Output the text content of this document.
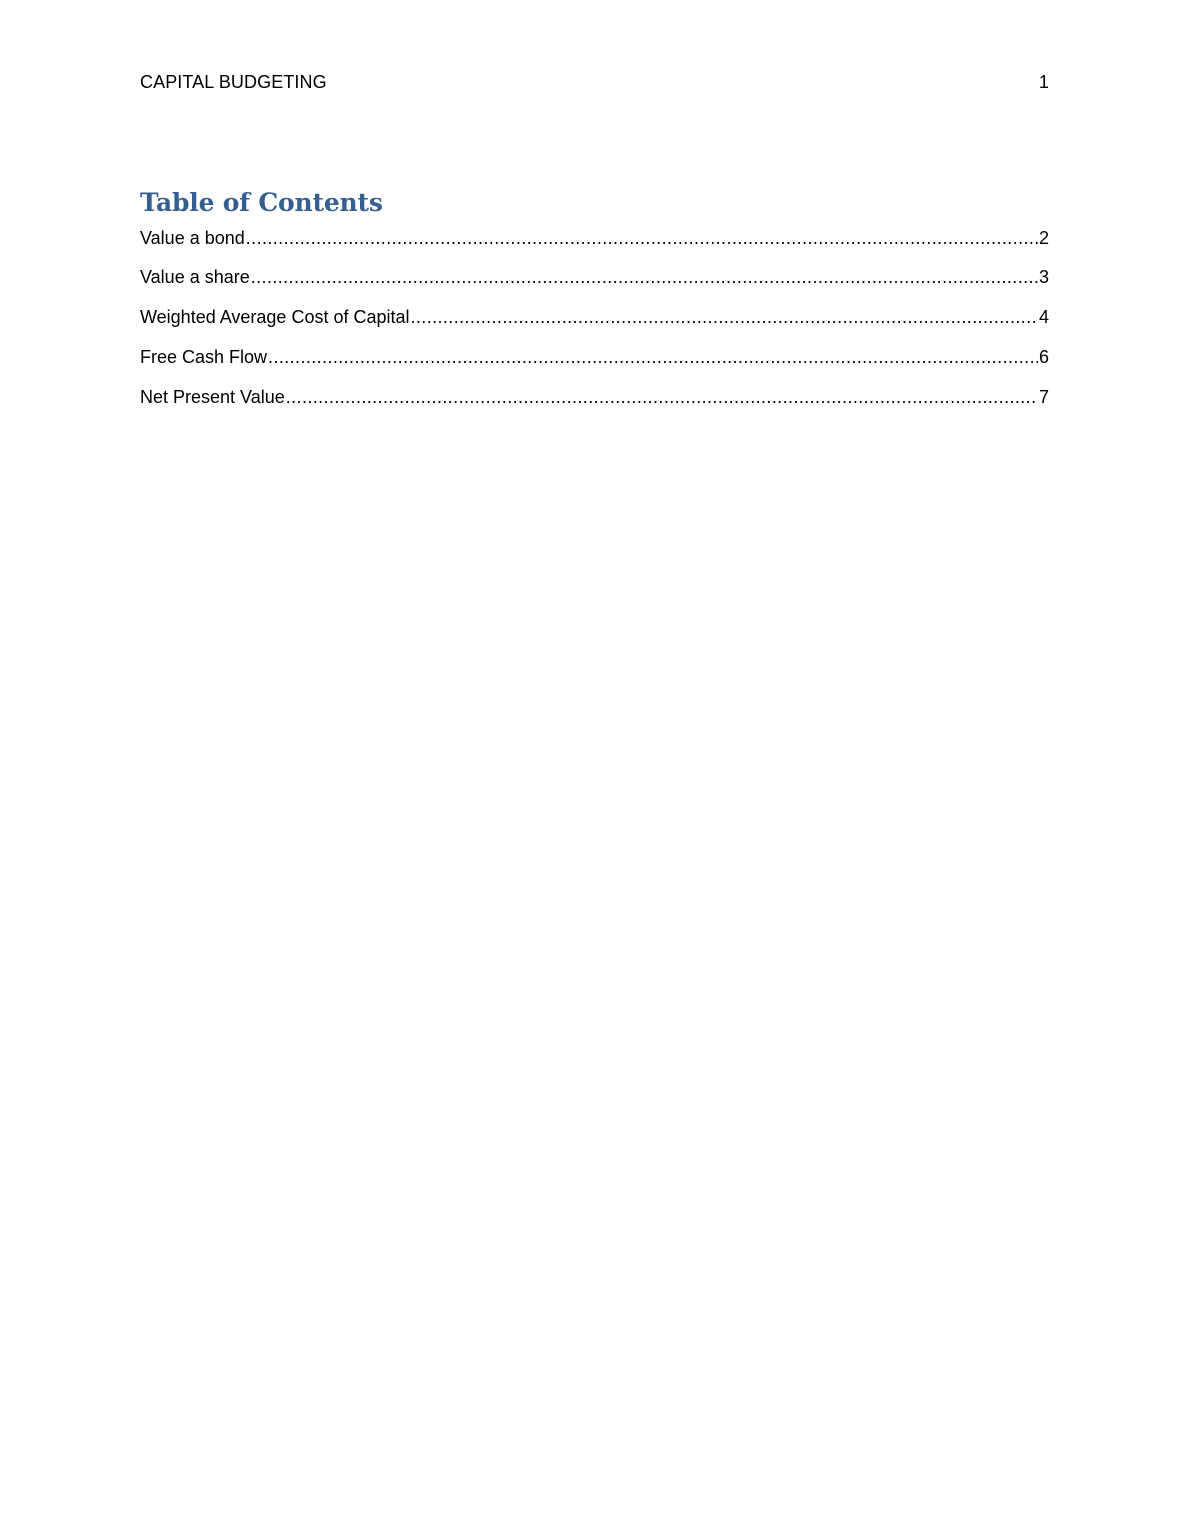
CAPITAL BUDGETING	1
Table of Contents
Value a bond .....	2
Value a share .....	3
Weighted Average Cost of Capital .....	4
Free Cash Flow .....	6
Net Present Value .....	7
